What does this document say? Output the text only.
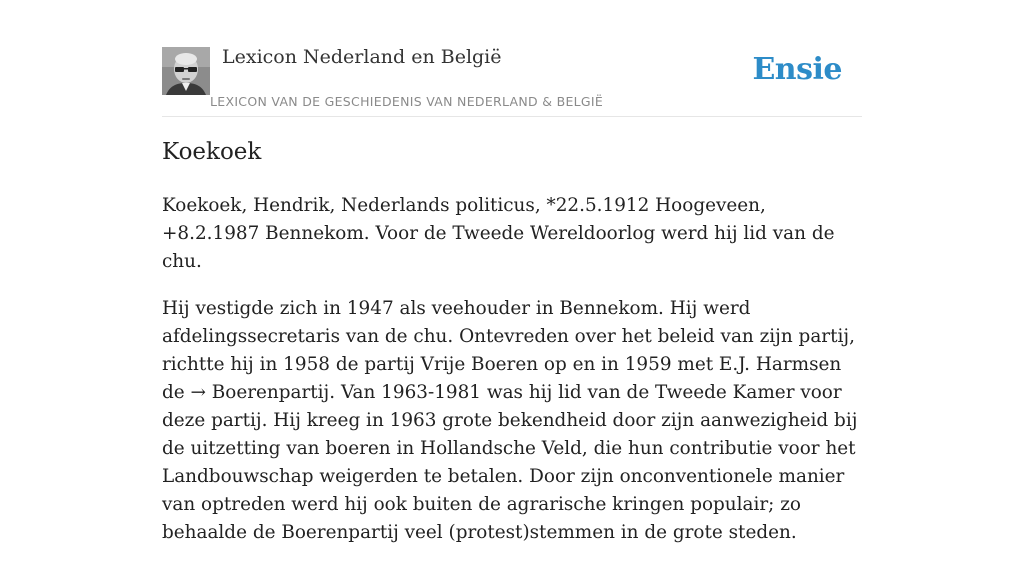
Lexicon Nederland en België
LEXICON VAN DE GESCHIEDENIS VAN NEDERLAND & BELGIË
Ensie
Koekoek

Koekoek, Hendrik, Nederlands politicus, *22.5.1912 Hoogeveen, +8.2.1987 Bennekom. Voor de Tweede Wereldoorlog werd hij lid van de chu.

Hij vestigde zich in 1947 als veehouder in Bennekom. Hij werd afdelingssecretaris van de chu. Ontevreden over het beleid van zijn partij, richtte hij in 1958 de partij Vrije Boeren op en in 1959 met E.J. Harmsen de → Boerenpartij. Van 1963-1981 was hij lid van de Tweede Kamer voor deze partij. Hij kreeg in 1963 grote bekendheid door zijn aanwezigheid bij de uitzetting van boeren in Hollandsche Veld, die hun contributie voor het Landbouwschap weigerden te betalen. Door zijn onconventionele manier van optreden werd hij ook buiten de agrarische kringen populair; zo behaalde de Boerenpartij veel (protest)stemmen in de grote steden.
